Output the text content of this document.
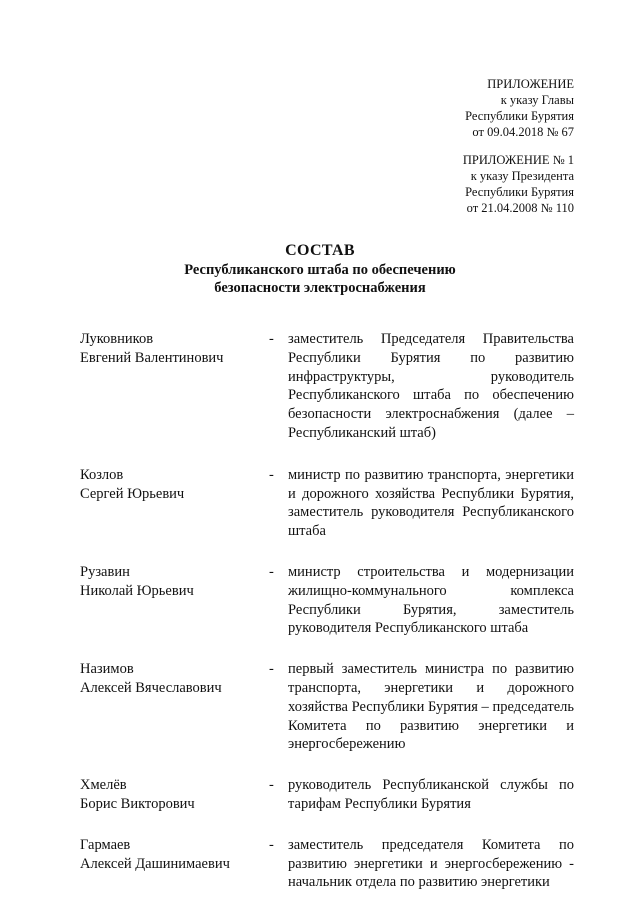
ПРИЛОЖЕНИЕ
к указу Главы
Республики Бурятия
от 09.04.2018 № 67
ПРИЛОЖЕНИЕ № 1
к указу Президента
Республики Бурятия
от 21.04.2008 № 110
СОСТАВ
Республиканского штаба по обеспечению
безопасности электроснабжения
Луковников
Евгений Валентинович
- заместитель Председателя Правительства Республики Бурятия по развитию инфраструктуры, руководитель Республиканского штаба по обеспечению безопасности электроснабжения (далее – Республиканский штаб)
Козлов
Сергей Юрьевич
- министр по развитию транспорта, энергетики и дорожного хозяйства Республики Бурятия, заместитель руководителя Республиканского штаба
Рузавин
Николай Юрьевич
- министр строительства и модернизации жилищно-коммунального комплекса Республики Бурятия, заместитель руководителя Республиканского штаба
Назимов
Алексей Вячеславович
- первый заместитель министра по развитию транспорта, энергетики и дорожного хозяйства Республики Бурятия – председатель Комитета по развитию энергетики и энергосбережению
Хмелёв
Борис Викторович
- руководитель Республиканской службы по тарифам Республики Бурятия
Гармаев
Алексей Дашинимаевич
- заместитель председателя Комитета по развитию энергетики и энергосбережению - начальник отдела по развитию энергетики
